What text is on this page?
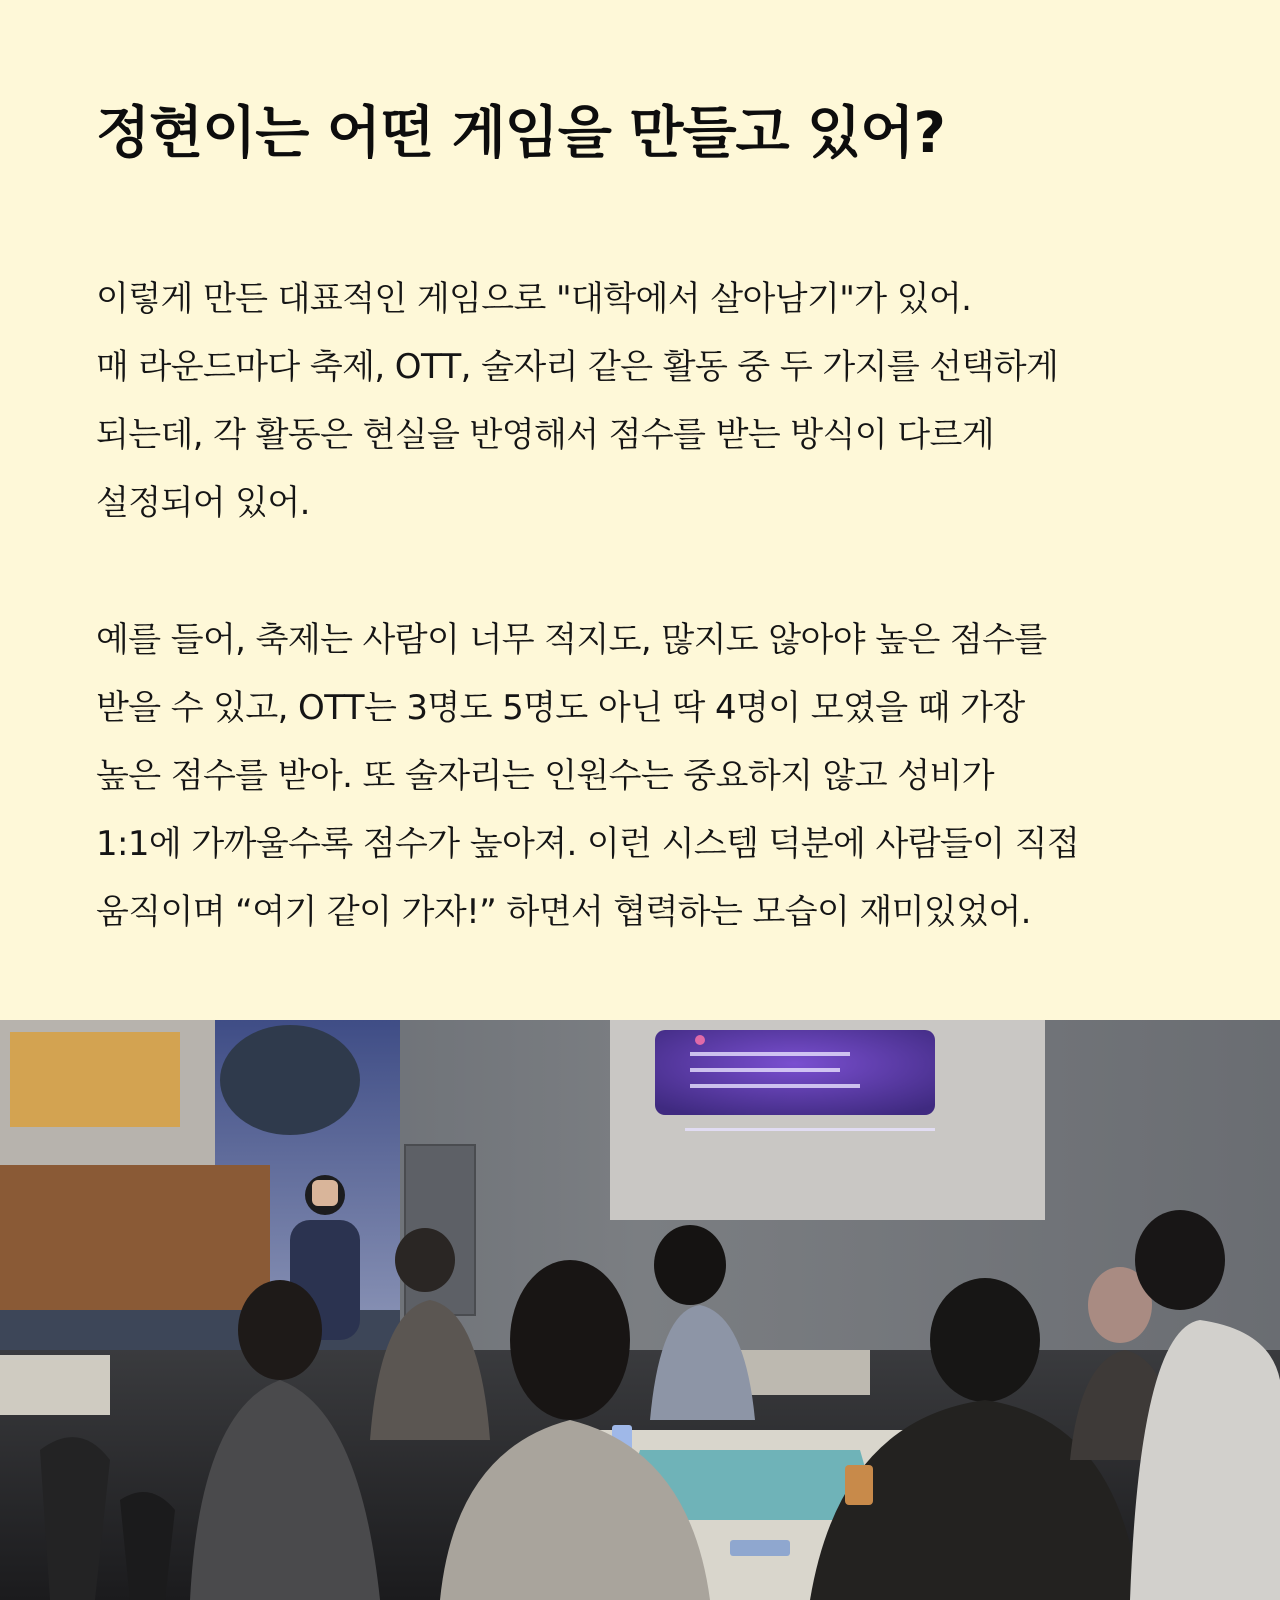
정현이는 어떤 게임을 만들고 있어?
이렇게 만든 대표적인 게임으로 "대학에서 살아남기"가 있어.
매 라운드마다 축제, OTT, 술자리 같은 활동 중 두 가지를 선택하게
되는데, 각 활동은 현실을 반영해서 점수를 받는 방식이 다르게
설정되어 있어.
예를 들어, 축제는 사람이 너무 적지도, 많지도 않아야 높은 점수를
받을 수 있고, OTT는 3명도 5명도 아닌 딱 4명이 모였을 때 가장
높은 점수를 받아. 또 술자리는 인원수는 중요하지 않고 성비가
1:1에 가까울수록 점수가 높아져. 이런 시스템 덕분에 사람들이 직접
움직이며 “여기 같이 가자!” 하면서 협력하는 모습이 재미있었어.
